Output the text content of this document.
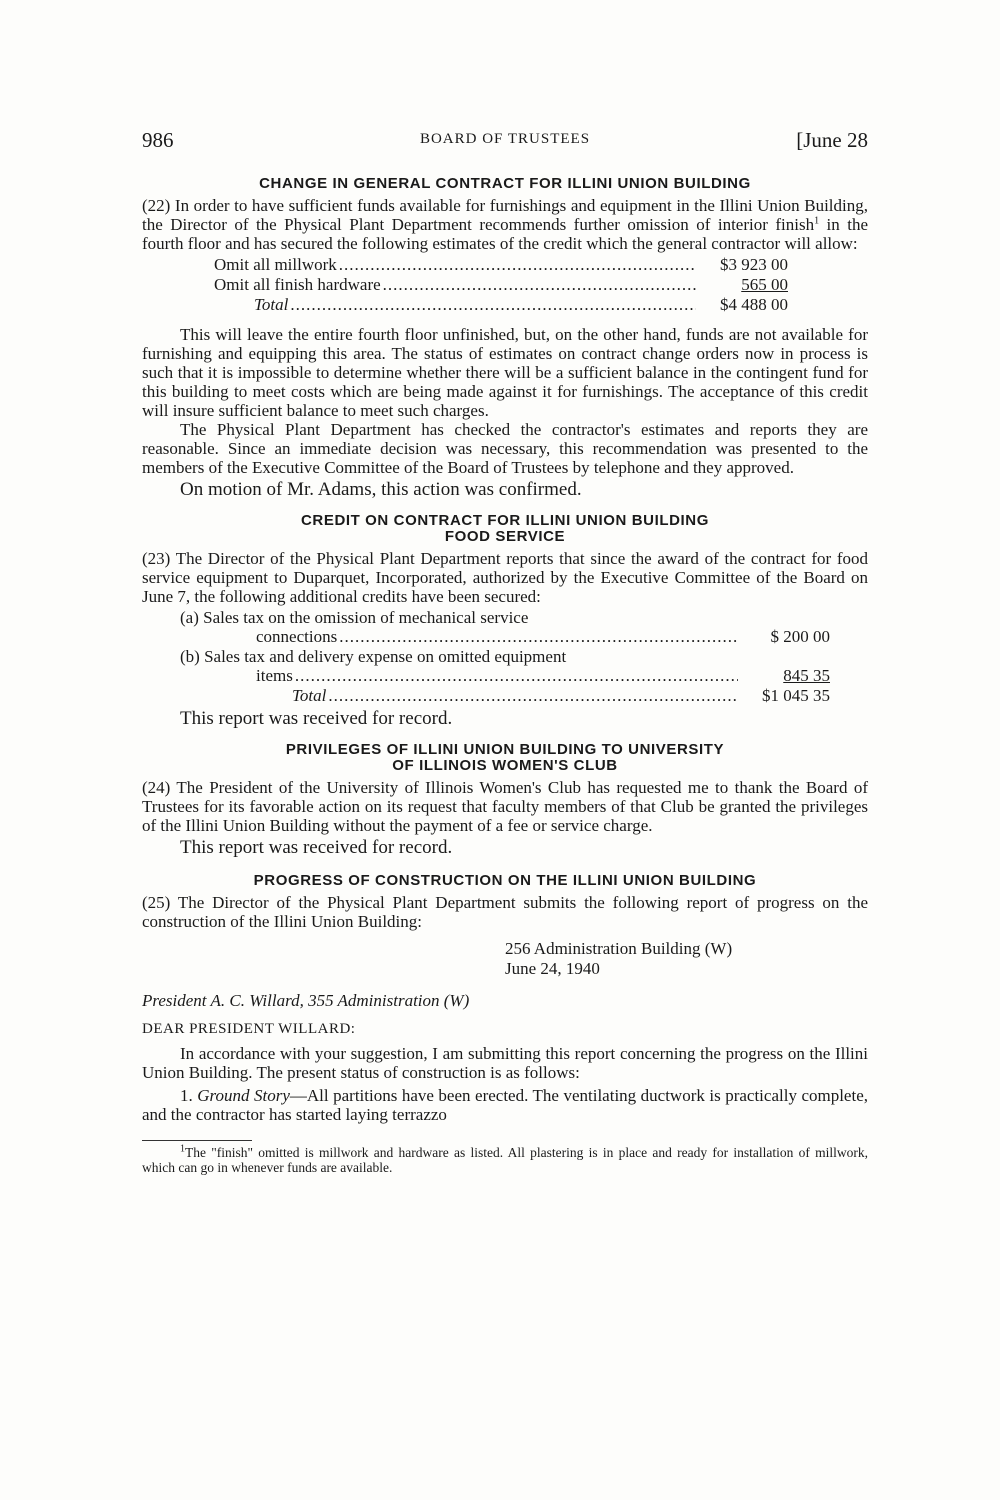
986	BOARD OF TRUSTEES	[June 28
CHANGE IN GENERAL CONTRACT FOR ILLINI UNION BUILDING

(22) In order to have sufficient funds available for furnishings and equipment in the Illini Union Building, the Director of the Physical Plant Department recommends further omission of interior finish$^1$ in the fourth floor and has secured the following estimates of the credit which the general contractor will allow:

Omit all millwork .....	$3 923 00
Omit all finish hardware .....	565 00
Total .....	$4 488 00

This will leave the entire fourth floor unfinished, but, on the other hand, funds are not available for furnishing and equipping this area. The status of estimates on contract change orders now in process is such that it is impossible to determine whether there will be a sufficient balance in the contingent fund for this building to meet costs which are being made against it for furnishings. The acceptance of this credit will insure sufficient balance to meet such charges.

The Physical Plant Department has checked the contractor's estimates and reports they are reasonable. Since an immediate decision was necessary, this recommendation was presented to the members of the Executive Committee of the Board of Trustees by telephone and they approved.

On motion of Mr. Adams, this action was confirmed.

CREDIT ON CONTRACT FOR ILLINI UNION BUILDING
FOOD SERVICE

(23) The Director of the Physical Plant Department reports that since the award of the contract for food service equipment to Duparquet, Incorporated, authorized by the Executive Committee of the Board on June 7, the following additional credits have been secured:

(a) Sales tax on the omission of mechanical service
connections .....	$ 200 00
(b) Sales tax and delivery expense on omitted equipment
items .....	845 35
Total .....	$1 045 35

This report was received for record.

PRIVILEGES OF ILLINI UNION BUILDING TO UNIVERSITY
OF ILLINOIS WOMEN'S CLUB

(24) The President of the University of Illinois Women's Club has requested me to thank the Board of Trustees for its favorable action on its request that faculty members of that Club be granted the privileges of the Illini Union Building without the payment of a fee or service charge.

This report was received for record.

PROGRESS OF CONSTRUCTION ON THE ILLINI UNION BUILDING

(25) The Director of the Physical Plant Department submits the following report of progress on the construction of the Illini Union Building:

256 Administration Building (W)
June 24, 1940
President A. C. Willard, 355 Administration (W)
DEAR PRESIDENT WILLARD:

In accordance with your suggestion, I am submitting this report concerning the progress on the Illini Union Building. The present status of construction is as follows:

1. Ground Story—All partitions have been erected. The ventilating ductwork is practically complete, and the contractor has started laying terrazzo

$^1$The "finish" omitted is millwork and hardware as listed. All plastering is in place and ready for installation of millwork, which can go in whenever funds are available.
